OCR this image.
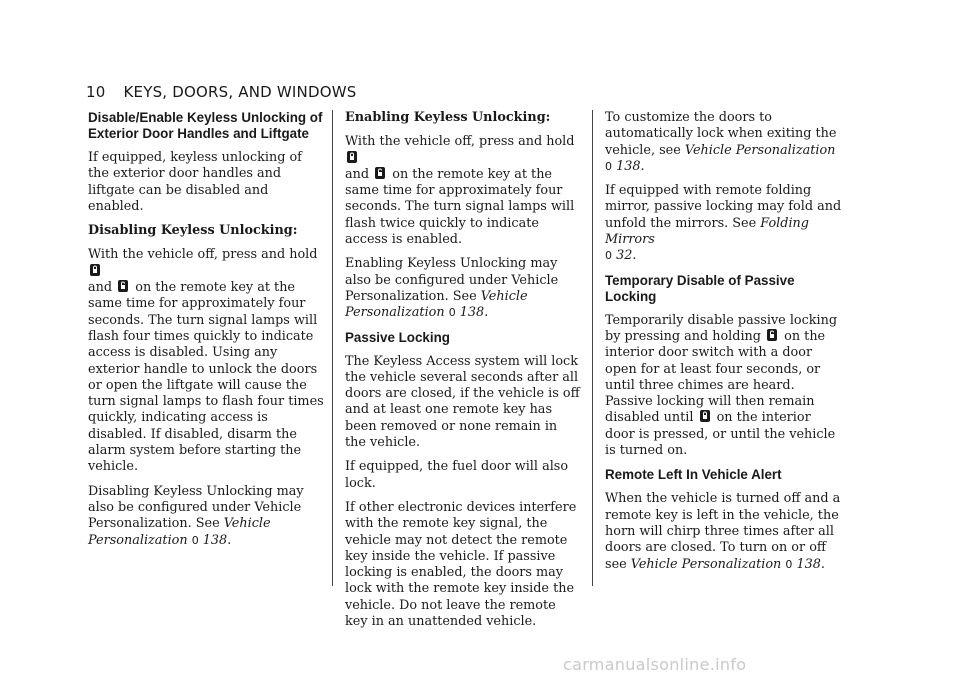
10 KEYS, DOORS, AND WINDOWS
Disable/Enable Keyless Unlocking of Exterior Door Handles and Liftgate

If equipped, keyless unlocking of the exterior door handles and liftgate can be disabled and enabled.

Disabling Keyless Unlocking:

With the vehicle off, press and hold

and on the remote key at the same time for approximately four seconds. The turn signal lamps will flash four times quickly to indicate access is disabled. Using any exterior handle to unlock the doors or open the liftgate will cause the turn signal lamps to flash four times quickly, indicating access is disabled. If disabled, disarm the alarm system before starting the vehicle.

Disabling Keyless Unlocking may also be configured under Vehicle Personalization. See Vehicle Personalization 0 138.

Enabling Keyless Unlocking:

With the vehicle off, press and hold

and on the remote key at the same time for approximately four seconds. The turn signal lamps will flash twice quickly to indicate access is enabled.

Enabling Keyless Unlocking may also be configured under Vehicle Personalization. See Vehicle Personalization 0 138.

Passive Locking

The Keyless Access system will lock the vehicle several seconds after all doors are closed, if the vehicle is off and at least one remote key has been removed or none remain in the vehicle.

If equipped, the fuel door will also lock.

If other electronic devices interfere with the remote key signal, the vehicle may not detect the remote key inside the vehicle. If passive locking is enabled, the doors may lock with the remote key inside the vehicle. Do not leave the remote key in an unattended vehicle.

To customize the doors to automatically lock when exiting the vehicle, see Vehicle Personalization
0 138.

If equipped with remote folding mirror, passive locking may fold and unfold the mirrors. See Folding Mirrors
0 32.

Temporary Disable of Passive Locking

Temporarily disable passive locking by pressing and holding on the interior door switch with a door open for at least four seconds, or until three chimes are heard. Passive locking will then remain disabled until on the interior door is pressed, or until the vehicle is turned on.

Remote Left In Vehicle Alert

When the vehicle is turned off and a remote key is left in the vehicle, the horn will chirp three times after all doors are closed. To turn on or off see Vehicle Personalization 0 138.

carmanualsonline.info
